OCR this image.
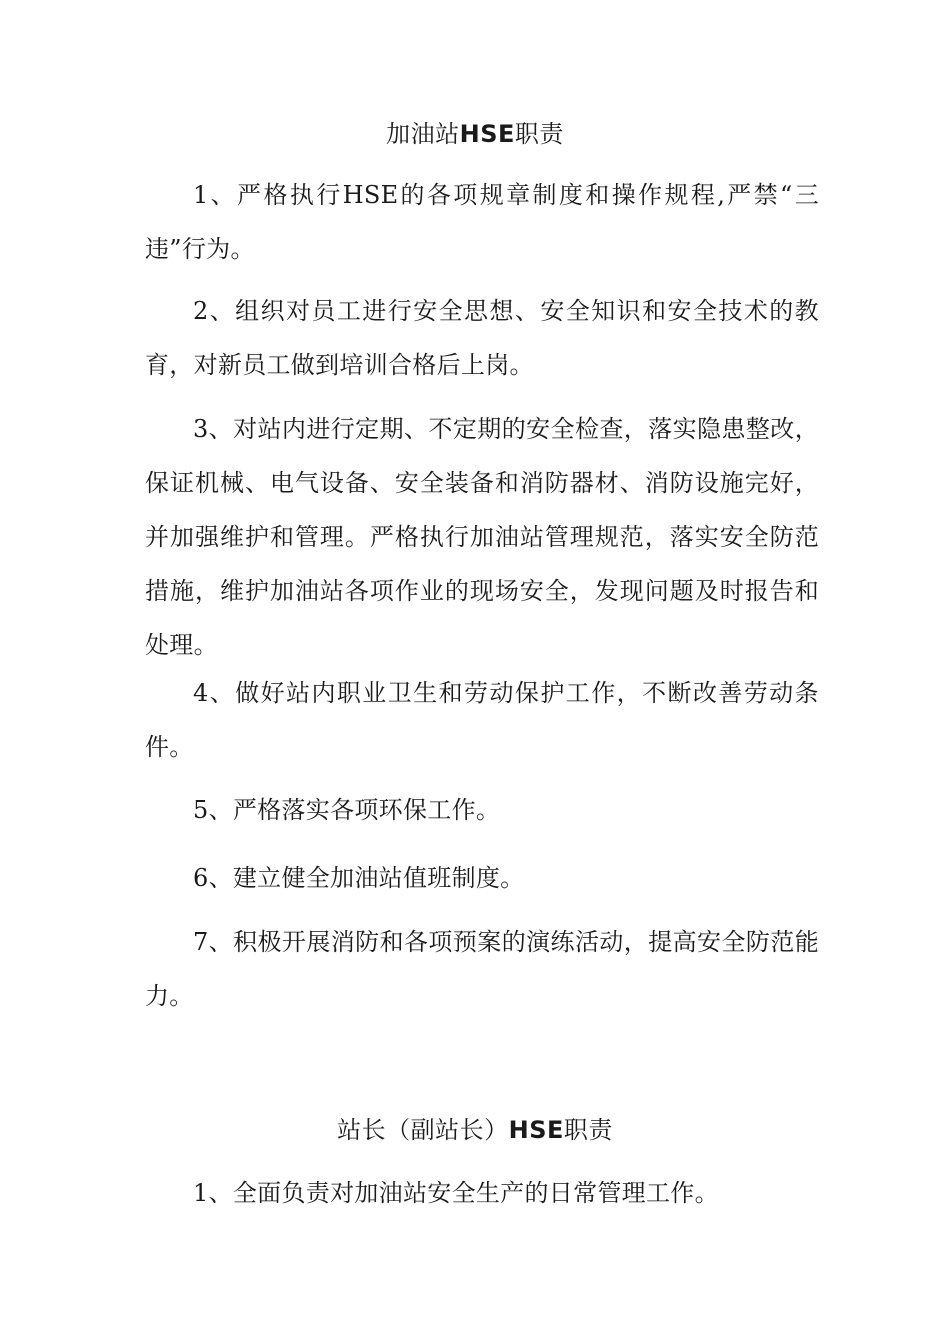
加油站HSE职责

1、严格执行HSE的各项规章制度和操作规程,严禁“三违”行为。

2、组织对员工进行安全思想、安全知识和安全技术的教育，对新员工做到培训合格后上岗。

3、对站内进行定期、不定期的安全检查，落实隐患整改，保证机械、电气设备、安全装备和消防器材、消防设施完好，并加强维护和管理。严格执行加油站管理规范，落实安全防范措施，维护加油站各项作业的现场安全，发现问题及时报告和处理。

4、做好站内职业卫生和劳动保护工作，不断改善劳动条件。

5、严格落实各项环保工作。

6、建立健全加油站值班制度。

7、积极开展消防和各项预案的演练活动，提高安全防范能力。

站长（副站长）HSE职责

1、全面负责对加油站安全生产的日常管理工作。
